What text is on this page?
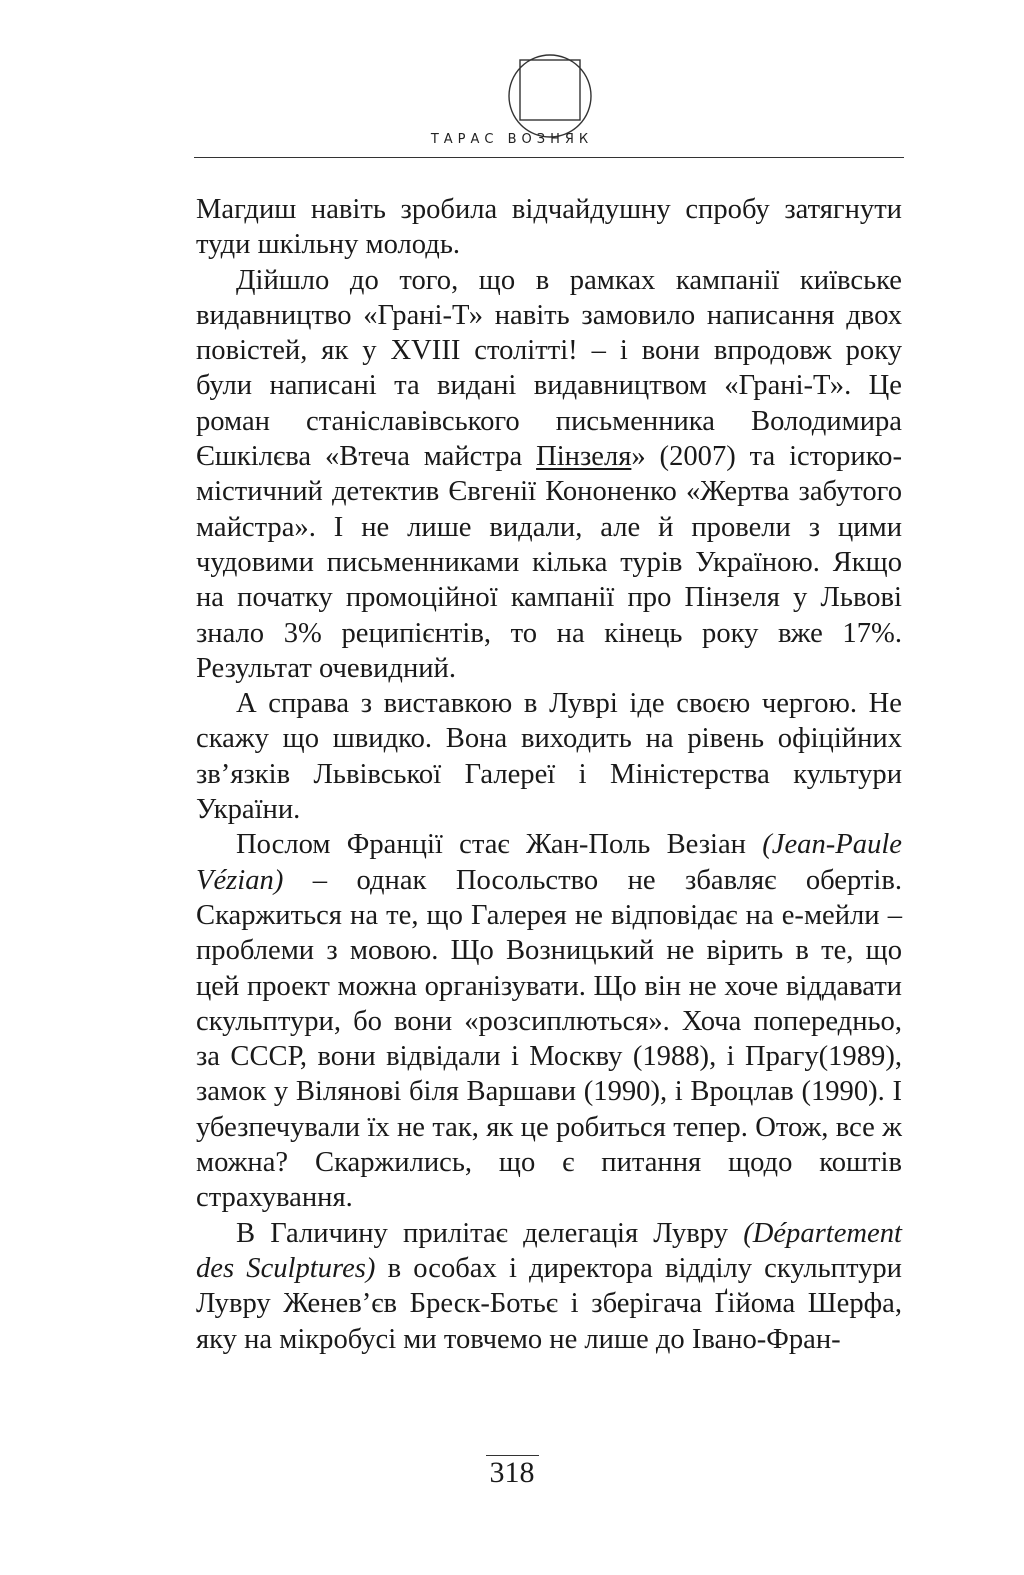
ТАРАС ВОЗНЯК

Магдиш навіть зробила відчайдушну спробу затягнути туди шкільну молодь.

Дійшло до того, що в рамках кампанії київське видавництво «Грані-Т» навіть замовило написання двох повістей, як у XVIII столітті! – і вони впродовж року були написані та видані видавництвом «Грані-Т». Це роман станіславівського письменника Володимира Єшкілєва «Втеча майстра Пінзеля» (2007) та історико-містичний детектив Євгенії Кононенко «Жертва забутого майстра». І не лише видали, але й провели з цими чудовими письменниками кілька турів Україною. Якщо на початку промоційної кампанії про Пінзеля у Львові знало 3% реципієнтів, то на кінець року вже 17%. Результат очевидний.

А справа з виставкою в Луврі іде своєю чергою. Не скажу що швидко. Вона виходить на рівень офіційних зв’язків Львівської Галереї і Міністерства культури України.

Послом Франції стає Жан-Поль Везіан (Jean-Paule Vézian) – однак Посольство не збавляє обертів. Скаржиться на те, що Галерея не відповідає на е-мейли – проблеми з мовою. Що Возницький не вірить в те, що цей проект можна організувати. Що він не хоче віддавати скульптури, бо вони «розсиплються». Хоча попередньо, за СССР, вони відвідали і Москву (1988), і Прагу(1989), замок у Вілянові біля Варшави (1990), і Вроцлав (1990). І убезпечували їх не так, як це робиться тепер. Отож, все ж можна? Скаржились, що є питання щодо коштів страхування.

В Галичину прилітає делегація Лувру (Département des Sculptures) в особах і директора відділу скульптури Лувру Женев’єв Бреск-Ботьє і зберігача Ґійома Шерфа, яку на мікробусі ми товчемо не лише до Івано-Фран-

318
